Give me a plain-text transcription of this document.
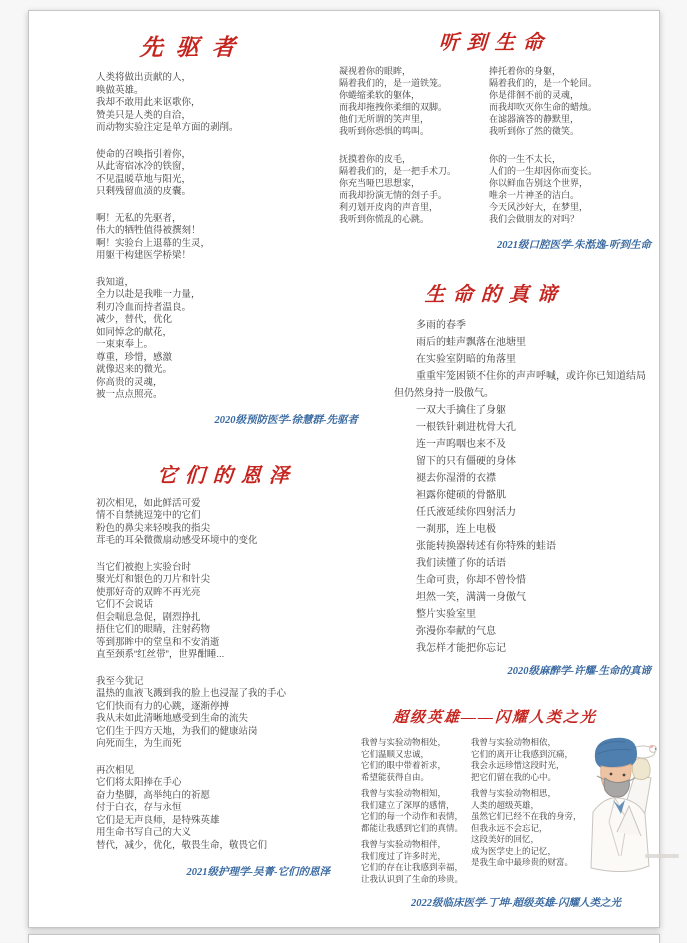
先驱者
人类将做出贡献的人，
唤做英雄。
我却不敢用此来讴歌你，
赞美只是人类的自洽，
而动物实验注定是单方面的剥削。
使命的召唤指引着你，
从此寄宿冰冷的铁窗，
不见温暖草地与阳光，
只剩残留血渍的皮囊。
啊！无私的先驱者，
伟大的牺牲值得被撰刻！
啊！实验台上退幕的生灵，
用躯干构建医学桥梁！
我知道，
全力以赴是我唯一力量，
利刃冷血而持者温良。
减少，替代，优化
如同悼念的献花，
一束束奉上。
尊重，珍惜，感激
就像迟来的微光。
你高贵的灵魂，
被一点点照亮。
2020级预防医学-徐慧群-先驱者
它们的恩泽
初次相见，如此鲜活可爱
情不自禁挑逗笼中的它们
粉色的鼻尖来轻嗅我的指尖
茸毛的耳朵微微扇动感受环境中的变化
当它们被抱上实验台时
聚光灯和银色的刀片和针尖
使那好奇的双眸不再光亮
它们不会说话
但会喘息急促，剧烈挣扎
捂住它们的眼睛，注射药物
等到那眸中的堂皇和不安消逝
直至颈系“红丝带”，世界酣睡...
我至今犹记
温热的血液飞溅到我的脸上也浸湿了我的手心
它们快而有力的心跳，逐渐停搏
我从未如此清晰地感受到生命的流失
它们生于四方天地，为我们的健康站岗
向死而生，为生而死
再次相见
它们将太阳捧在手心
奋力垫脚，高举纯白的祈愿
付于白衣，存与永恒
它们是无声良师，是特殊英雄
用生命书写自己的大义
替代，减少，优化，敬畏生命，敬畏它们
2021级护理学-吴菁-它们的恩泽
听到生命
凝视着你的眼眸，
隔着我们的，是一道铁笼。
你蜷缩柔软的躯体，
而我却拖拽你柔细的双脚。
他们无所谓的笑声里，
我听到你恐惧的鸣叫。
抚摸着你的皮毛，
隔着我们的，是一把手术刀。
你充当哑巴思想家，
而我却扮演无情的刽子手。
利刃划开皮肉的声音里，
我听到你慌乱的心跳。
捧托着你的身躯，
隔着我们的，是一个轮回。
你是徘徊不前的灵魂，
而我却吹灭你生命的蜡烛。
在滤器滴答的静默里，
我听到你了然的微笑。
你的一生不太长，
人们的一生却因你而变长。
你以鲜血告别这个世界，
唯余一片神圣的洁白。
今天风沙好大，在梦里，
我们会做朋友的对吗？
2021级口腔医学-朱湉逸-听到生命
生命的真谛
多雨的春季
雨后的蛙声飘落在池塘里
在实验室阴暗的角落里
重重牢笼困锁不住你的声声呼喊，或许你已知道结局但仍然身持一股傲气。
一双大手擒住了身躯
一根铁针刺进枕骨大孔
连一声呜咽也来不及
留下的只有僵硬的身体
褪去你湿滑的衣襟
袒露你健硕的骨骼肌
任氏液延续你四射活力
一刹那，连上电极
张能转换器转述有你特殊的蛙语
我们读懂了你的话语
生命可贵，你却不曾怜惜
坦然一笑，满满一身傲气
整片实验室里
弥漫你奉献的气息
我怎样才能把你忘记
2020级麻醉学-许耀-生命的真谛
超级英雄——闪耀人类之光
我曾与实验动物相处，
它们温顺又忠诚，
它们的眼中带着祈求，
希望能获得自由。
我曾与实验动物相知，
我们建立了深厚的感情，
它们的每一个动作和表情，
都能让我感到它们的真情。
我曾与实验动物相伴，
我们度过了许多时光，
它们的存在让我感到幸福，
让我认识到了生命的珍贵。
我曾与实验动物相依，
它们的离开让我感到沉痛，
我会永远珍惜这段时光，
把它们留在我的心中。
我曾与实验动物相思，
人类的超级英雄，
虽然它们已经不在我的身旁，
但我永远不会忘记，
这段美好的回忆，
成为医学史上的记忆，
是我生命中最珍贵的财富。
2022级临床医学-丁坤-超级英雄-闪耀人类之光
